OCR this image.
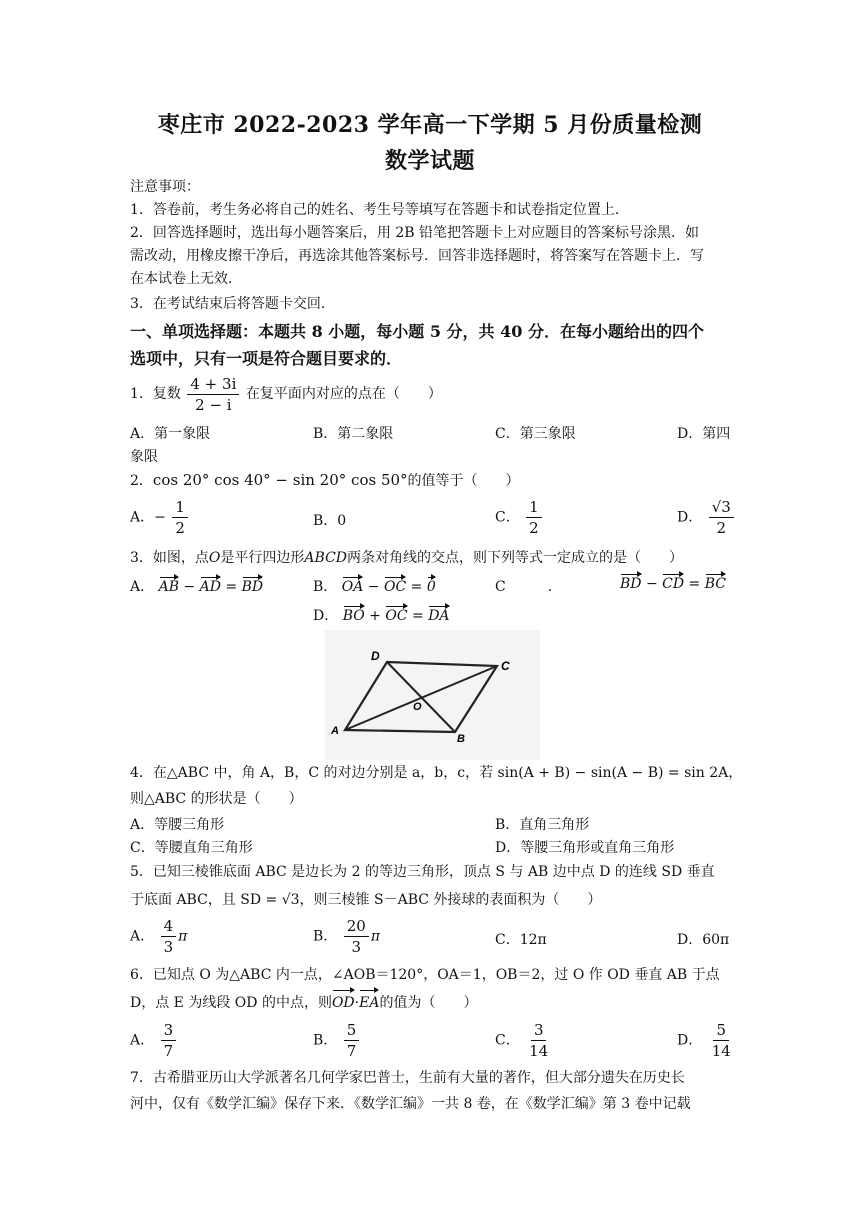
枣庄市 2022-2023 学年高一下学期 5 月份质量检测
数学试题
注意事项：
1．答卷前，考生务必将自己的姓名、考生号等填写在答题卡和试卷指定位置上．
2．回答选择题时，选出每小题答案后，用 2B 铅笔把答题卡上对应题目的答案标号涂黑．如
需改动，用橡皮擦干净后，再选涂其他答案标号．回答非选择题时，将答案写在答题卡上．写
在本试卷上无效．
3．在考试结束后将答题卡交回．
一、单项选择题：本题共 8 小题，每小题 5 分，共 40 分．在每小题给出的四个
选项中，只有一项是符合题目要求的．
1．复数 $\frac{4 + 3i}{2 - i}$ 在复平面内对应的点在（　　）
A．第一象限	B．第二象限	C．第三象限	D．第四
象限
2．cos 20° cos 40° − sin 20° cos 50°的值等于（　　）
A．− $\frac{1}{2}$	B．0	C． $\frac{1}{2}$	D． $\frac{√3}{2}$
3．如图，点O是平行四边形ABCD两条对角线的交点，则下列等式一定成立的是（　　）
A． AB − AD = BD	B． OA − OC = 0	C　　　．	BD − CD = BC
D． BO + OC = DA
D
C
O
A
B
4．在△ABC 中，角 A，B，C 的对边分别是 a，b，c，若 sin(A + B) − sin(A − B) = sin 2A，
则△ABC 的形状是（　　）
A．等腰三角形	B．直角三角形
C．等腰直角三角形	D．等腰三角形或直角三角形
5．已知三棱锥底面 ABC 是边长为 2 的等边三角形，顶点 S 与 AB 边中点 D 的连线 SD 垂直
于底面 ABC，且 SD = √3，则三棱锥 S－ABC 外接球的表面积为（　　）
A． $\frac{4}{3}$ π	B． $\frac{20}{3}$ π	C．12π	D．60π
6．已知点 O 为△ABC 内一点，∠AOB＝120°，OA＝1，OB＝2，过 O 作 OD 垂直 AB 于点
D，点 E 为线段 OD 的中点，则OD·EA的值为（　　）
A． $\frac{3}{7}$	B． $\frac{5}{7}$	C． $\frac{3}{14}$	D． $\frac{5}{14}$
7．古希腊亚历山大学派著名几何学家巴普士，生前有大量的著作，但大部分遗失在历史长
河中，仅有《数学汇编》保存下来．《数学汇编》一共 8 卷，在《数学汇编》第 3 卷中记载
